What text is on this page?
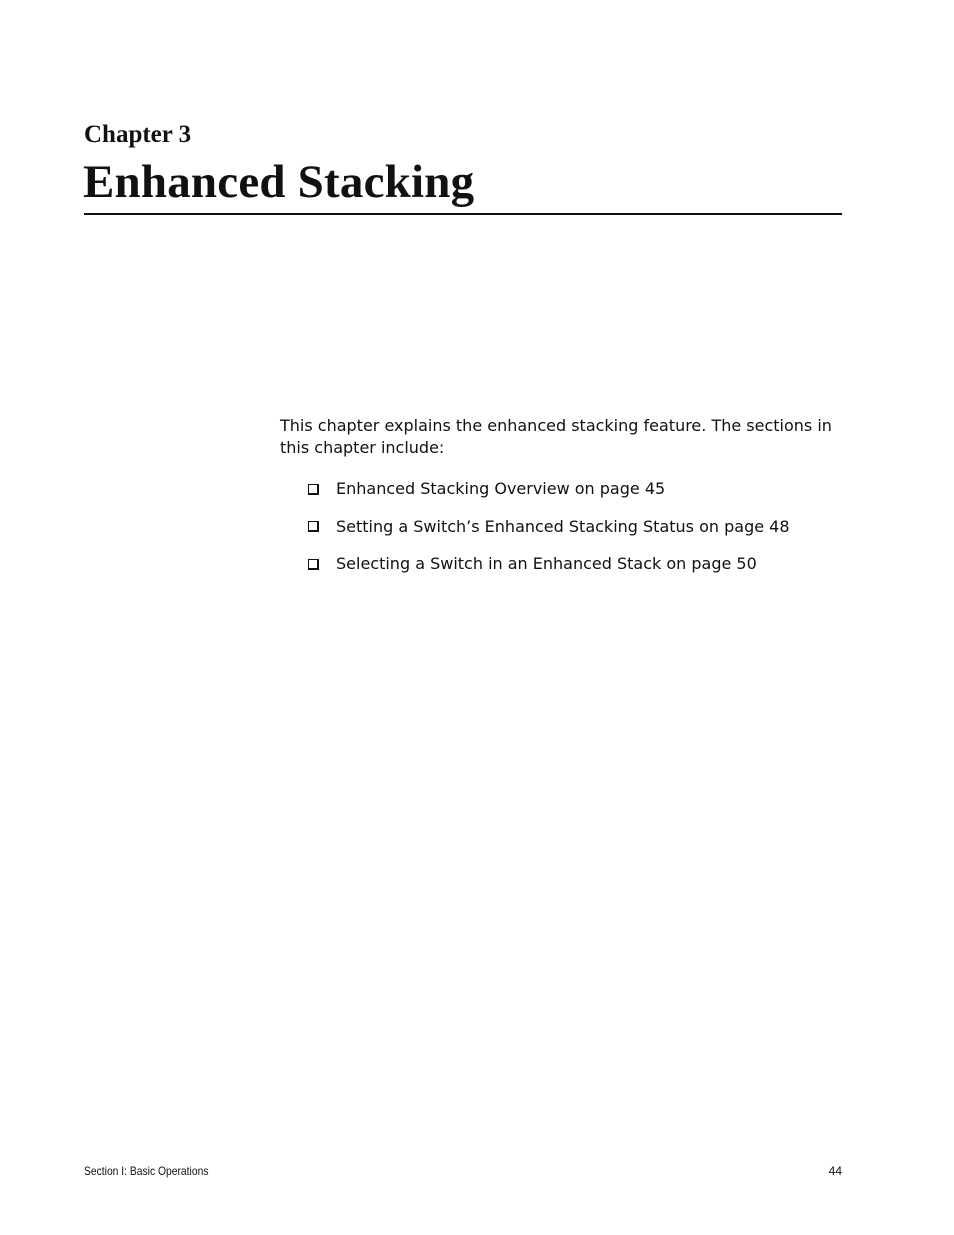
Chapter 3
Enhanced Stacking

This chapter explains the enhanced stacking feature. The sections in this chapter include:

Enhanced Stacking Overview on page 45
Setting a Switch’s Enhanced Stacking Status on page 48
Selecting a Switch in an Enhanced Stack on page 50
Section I: Basic Operations	44
